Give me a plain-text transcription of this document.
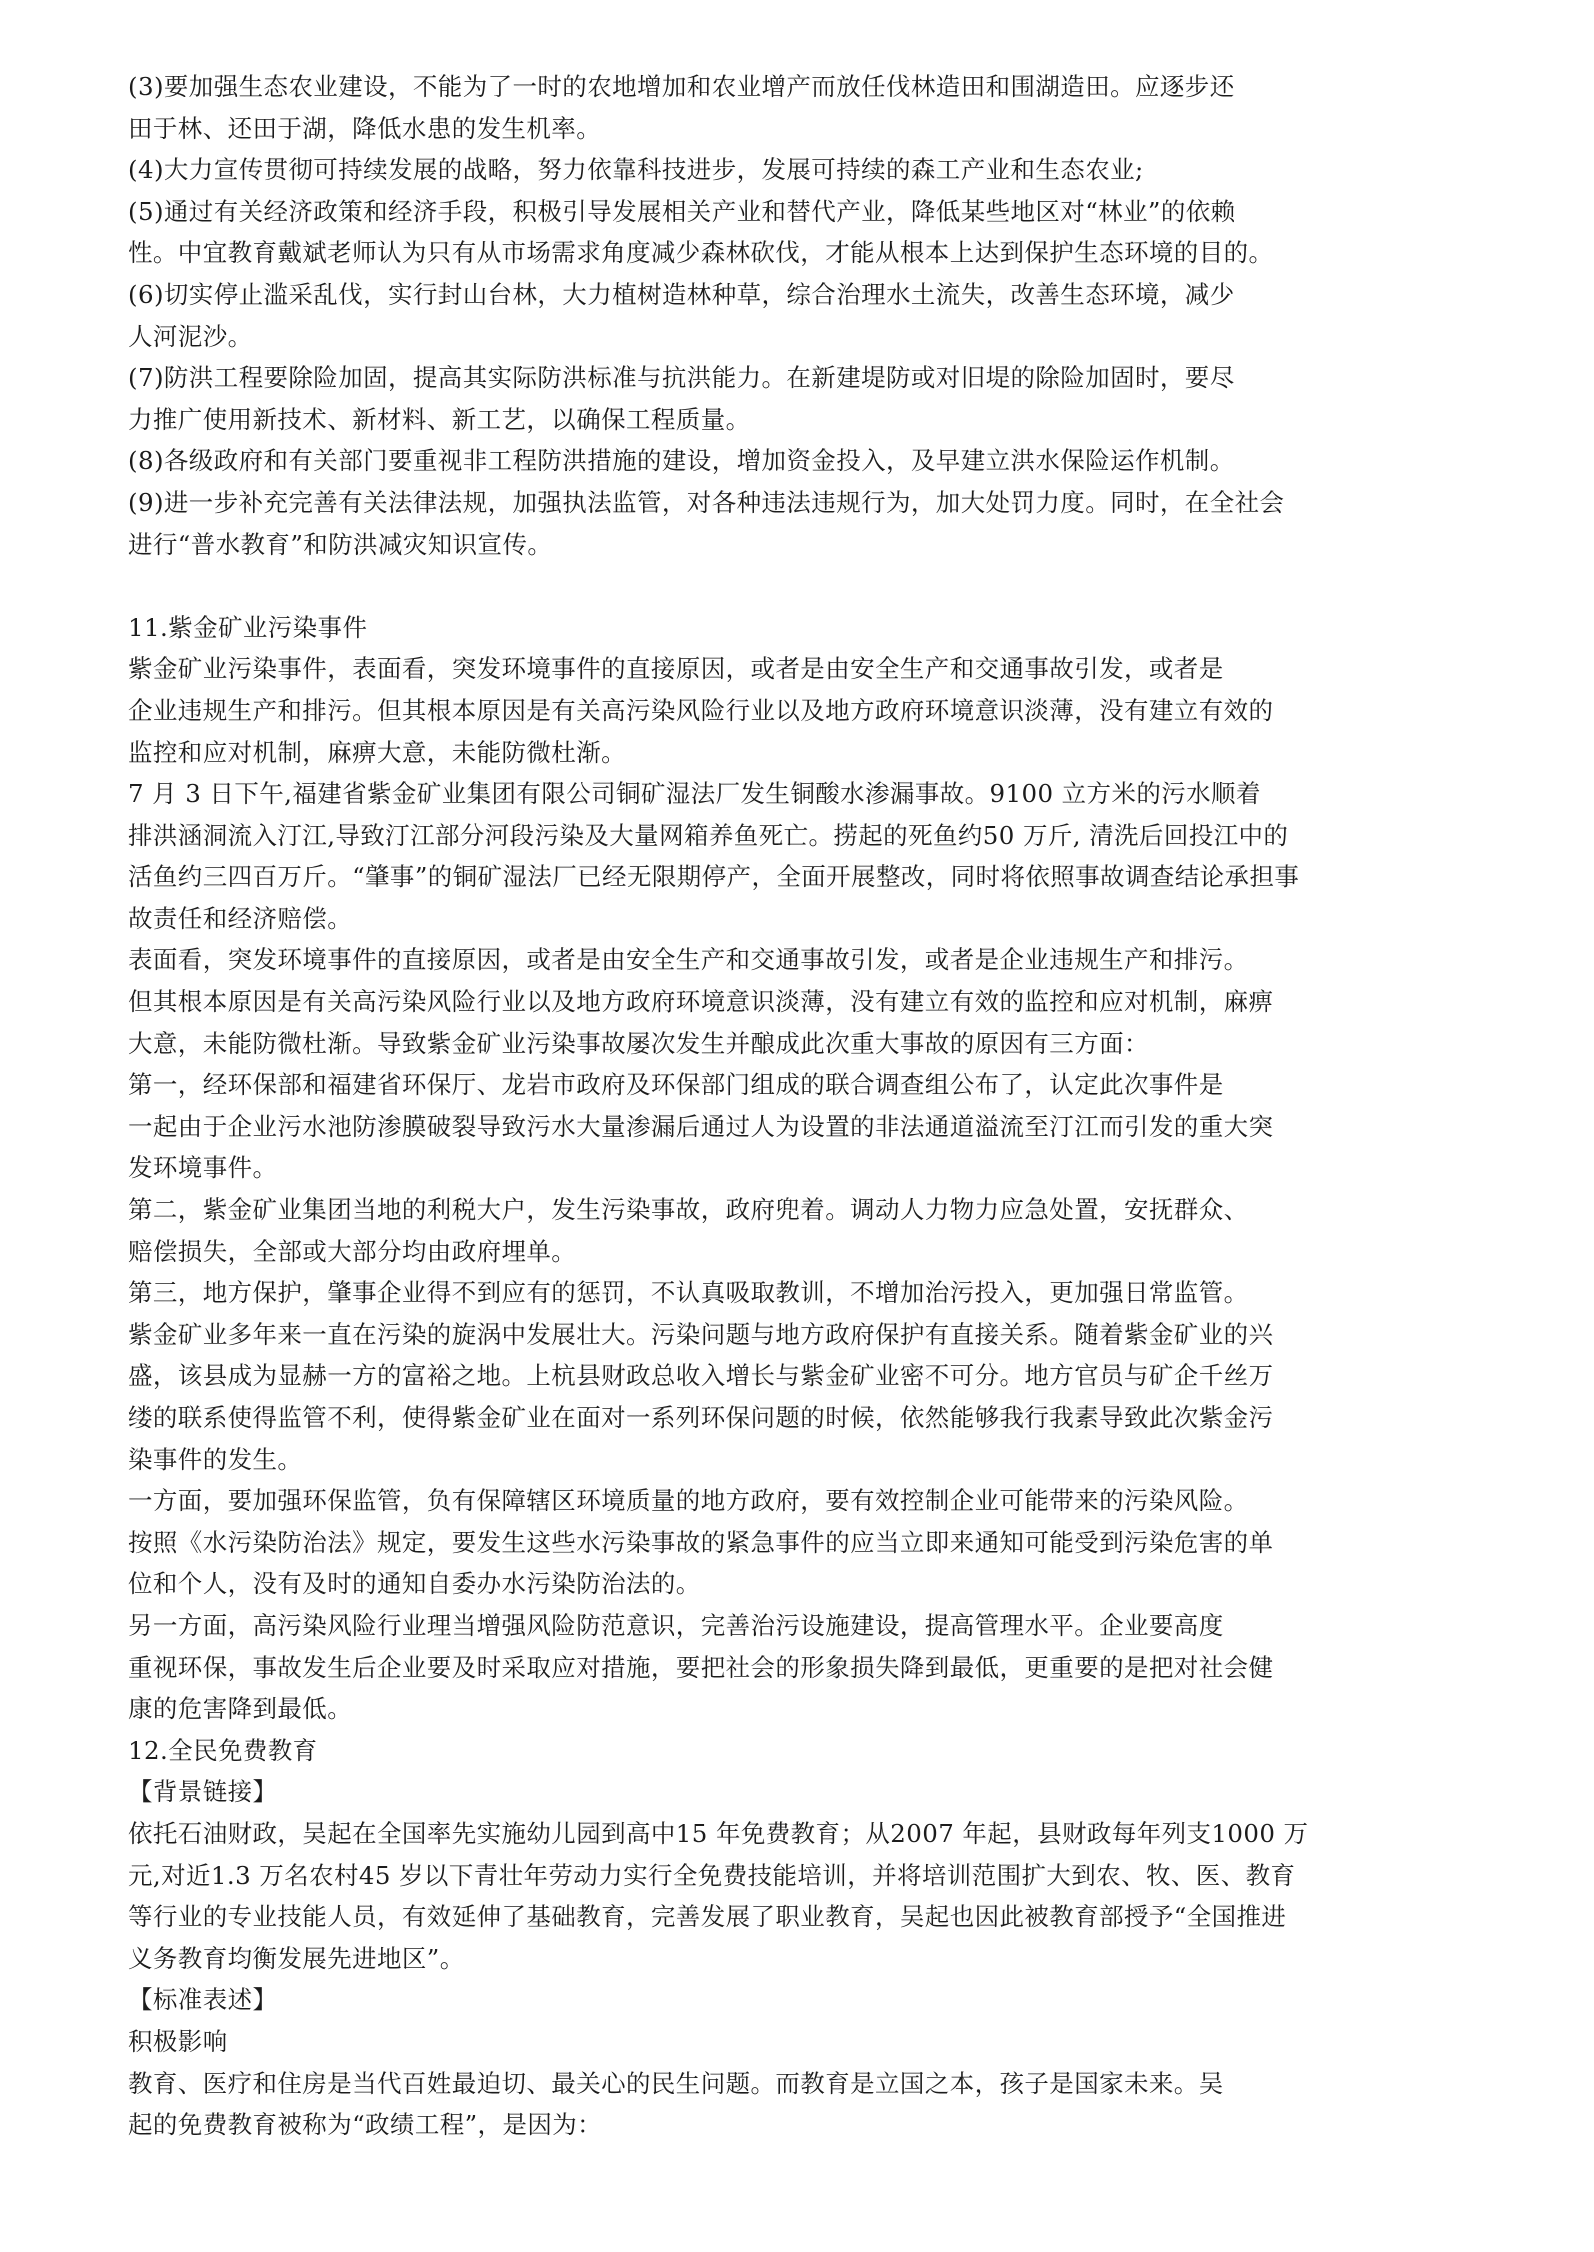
(3)要加强生态农业建设，不能为了一时的农地增加和农业增产而放任伐林造田和围湖造田。应逐步还
田于林、还田于湖，降低水患的发生机率。
(4)大力宣传贯彻可持续发展的战略，努力依靠科技进步，发展可持续的森工产业和生态农业;
(5)通过有关经济政策和经济手段，积极引导发展相关产业和替代产业，降低某些地区对“林业”的依赖
性。中宜教育戴斌老师认为只有从市场需求角度减少森林砍伐，才能从根本上达到保护生态环境的目的。
(6)切实停止滥采乱伐，实行封山台林，大力植树造林种草，综合治理水土流失，改善生态环境，减少
人河泥沙。
(7)防洪工程要除险加固，提高其实际防洪标准与抗洪能力。在新建堤防或对旧堤的除险加固时，要尽
力推广使用新技术、新材料、新工艺，以确保工程质量。
(8)各级政府和有关部门要重视非工程防洪措施的建设，增加资金投入，及早建立洪水保险运作机制。
(9)进一步补充完善有关法律法规，加强执法监管，对各种违法违规行为，加大处罚力度。同时，在全社会
进行“普水教育”和防洪减灾知识宣传。
11.紫金矿业污染事件
紫金矿业污染事件，表面看，突发环境事件的直接原因，或者是由安全生产和交通事故引发，或者是
企业违规生产和排污。但其根本原因是有关高污染风险行业以及地方政府环境意识淡薄，没有建立有效的
监控和应对机制，麻痹大意，未能防微杜渐。
7 月 3 日下午,福建省紫金矿业集团有限公司铜矿湿法厂发生铜酸水渗漏事故。9100 立方米的污水顺着
排洪涵洞流入汀江,导致汀江部分河段污染及大量网箱养鱼死亡。捞起的死鱼约50 万斤, 清洗后回投江中的
活鱼约三四百万斤。“肇事”的铜矿湿法厂已经无限期停产，全面开展整改，同时将依照事故调查结论承担事
故责任和经济赔偿。
表面看，突发环境事件的直接原因，或者是由安全生产和交通事故引发，或者是企业违规生产和排污。
但其根本原因是有关高污染风险行业以及地方政府环境意识淡薄，没有建立有效的监控和应对机制，麻痹
大意，未能防微杜渐。导致紫金矿业污染事故屡次发生并酿成此次重大事故的原因有三方面：
第一，经环保部和福建省环保厅、龙岩市政府及环保部门组成的联合调查组公布了，认定此次事件是
一起由于企业污水池防渗膜破裂导致污水大量渗漏后通过人为设置的非法通道溢流至汀江而引发的重大突
发环境事件。
第二，紫金矿业集团当地的利税大户，发生污染事故，政府兜着。调动人力物力应急处置，安抚群众、
赔偿损失，全部或大部分均由政府埋单。
第三，地方保护，肇事企业得不到应有的惩罚，不认真吸取教训，不增加治污投入，更加强日常监管。
紫金矿业多年来一直在污染的旋涡中发展壮大。污染问题与地方政府保护有直接关系。随着紫金矿业的兴
盛，该县成为显赫一方的富裕之地。上杭县财政总收入增长与紫金矿业密不可分。地方官员与矿企千丝万
缕的联系使得监管不利，使得紫金矿业在面对一系列环保问题的时候，依然能够我行我素导致此次紫金污
染事件的发生。
一方面，要加强环保监管，负有保障辖区环境质量的地方政府，要有效控制企业可能带来的污染风险。
按照《水污染防治法》规定，要发生这些水污染事故的紧急事件的应当立即来通知可能受到污染危害的单
位和个人，没有及时的通知自委办水污染防治法的。
另一方面，高污染风险行业理当增强风险防范意识，完善治污设施建设，提高管理水平。企业要高度
重视环保，事故发生后企业要及时采取应对措施，要把社会的形象损失降到最低，更重要的是把对社会健
康的危害降到最低。
12.全民免费教育
【背景链接】
依托石油财政，吴起在全国率先实施幼儿园到高中15 年免费教育；从2007 年起，县财政每年列支1000 万
元,对近1.3 万名农村45 岁以下青壮年劳动力实行全免费技能培训，并将培训范围扩大到农、牧、医、教育
等行业的专业技能人员，有效延伸了基础教育，完善发展了职业教育，吴起也因此被教育部授予“全国推进
义务教育均衡发展先进地区”。
【标准表述】
积极影响
教育、医疗和住房是当代百姓最迫切、最关心的民生问题。而教育是立国之本，孩子是国家未来。吴
起的免费教育被称为“政绩工程”，是因为：
